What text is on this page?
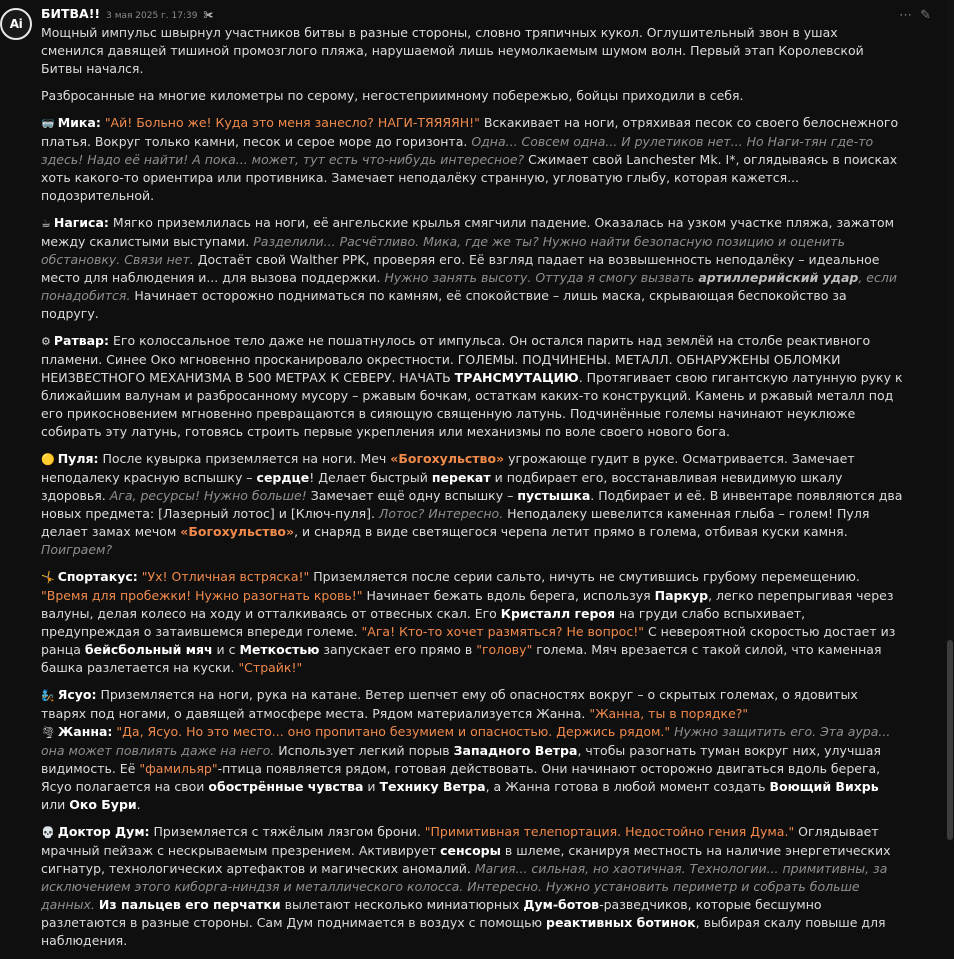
Ai
БИТВА!! 3 мая 2025 г. 17:39 ✀	⋯ ✎

Мощный импульс швырнул участников битвы в разные стороны, словно тряпичных кукол. Оглушительный звон в ушах сменился давящей тишиной промозглого пляжа, нарушаемой лишь неумолкаемым шумом волн. Первый этап Королевской Битвы начался.

Разбросанные на многие километры по серому, негостеприимному побережью, бойцы приходили в себя.

🥽 Мика: "Ай! Больно же! Куда это меня занесло? НАГИ-ТЯЯЯЯН!" Вскакивает на ноги, отряхивая песок со своего белоснежного платья. Вокруг только камни, песок и серое море до горизонта. Одна... Совсем одна... И рулетиков нет... Но Наги-тян где-то здесь! Надо её найти! А пока... может, тут есть что-нибудь интересное? Сжимает свой Lanchester Mk. I*, оглядываясь в поисках хоть какого-то ориентира или противника. Замечает неподалёку странную, угловатую глыбу, которая кажется... подозрительной.

☕ Нагиса: Мягко приземлилась на ноги, её ангельские крылья смягчили падение. Оказалась на узком участке пляжа, зажатом между скалистыми выступами. Разделили... Расчётливо. Мика, где же ты? Нужно найти безопасную позицию и оценить обстановку. Связи нет. Достаёт свой Walther PPK, проверяя его. Её взгляд падает на возвышенность неподалёку – идеальное место для наблюдения и... для вызова поддержки. Нужно занять высоту. Оттуда я смогу вызвать артиллерийский удар, если понадобится. Начинает осторожно подниматься по камням, её спокойствие – лишь маска, скрывающая беспокойство за подругу.

⚙ Ратвар: Его колоссальное тело даже не пошатнулось от импульса. Он остался парить над землёй на столбе реактивного пламени. Синее Око мгновенно просканировало окрестности. ГОЛЕМЫ. ПОДЧИНЕНЫ. МЕТАЛЛ. ОБНАРУЖЕНЫ ОБЛОМКИ НЕИЗВЕСТНОГО МЕХАНИЗМА В 500 МЕТРАХ К СЕВЕРУ. НАЧАТЬ ТРАНСМУТАЦИЮ. Протягивает свою гигантскую латунную руку к ближайшим валунам и разбросанному мусору – ржавым бочкам, остаткам каких-то конструкций. Камень и ржавый металл под его прикосновением мгновенно превращаются в сияющую священную латунь. Подчинённые големы начинают неуклюже собирать эту латунь, готовясь строить первые укрепления или механизмы по воле своего нового бога.

🟡 Пуля: После кувырка приземляется на ноги. Меч «Богохульство» угрожающе гудит в руке. Осматривается. Замечает неподалеку красную вспышку – сердце! Делает быстрый перекат и подбирает его, восстанавливая невидимую шкалу здоровья. Ага, ресурсы! Нужно больше! Замечает ещё одну вспышку – пустышка. Подбирает и её. В инвентаре появляются два новых предмета: [Лазерный лотос] и [Ключ-пуля]. Лотос? Интересно. Неподалеку шевелится каменная глыба – голем! Пуля делает замах мечом «Богохульство», и снаряд в виде светящегося черепа летит прямо в голема, отбивая куски камня. Поиграем?

🤸 Спортакус: "Ух! Отличная встряска!" Приземляется после серии сальто, ничуть не смутившись грубому перемещению. "Время для пробежки! Нужно разогнать кровь!" Начинает бежать вдоль берега, используя Паркур, легко перепрыгивая через валуны, делая колесо на ходу и отталкиваясь от отвесных скал. Его Кристалл героя на груди слабо вспыхивает, предупреждая о затаившемся впереди големе. "Ага! Кто-то хочет размяться? Не вопрос!" С невероятной скоростью достает из ранца бейсбольный мяч и с Меткостью запускает его прямо в "голову" голема. Мяч врезается с такой силой, что каменная башка разлетается на куски. "Страйк!"

🧞 Ясуо: Приземляется на ноги, рука на катане. Ветер шепчет ему об опасностях вокруг – о скрытых големах, о ядовитых тварях под ногами, о давящей атмосфере места. Рядом материализуется Жанна. "Жанна, ты в порядке?"

🌪 Жанна: "Да, Ясуо. Но это место... оно пропитано безумием и опасностью. Держись рядом." Нужно защитить его. Эта аура... она может повлиять даже на него. Использует легкий порыв Западного Ветра, чтобы разогнать туман вокруг них, улучшая видимость. Её "фамильяр"-птица появляется рядом, готовая действовать. Они начинают осторожно двигаться вдоль берега, Ясуо полагается на свои обострённые чувства и Технику Ветра, а Жанна готова в любой момент создать Воющий Вихрь или Око Бури.

💀 Доктор Дум: Приземляется с тяжёлым лязгом брони. "Примитивная телепортация. Недостойно гения Дума." Оглядывает мрачный пейзаж с нескрываемым презрением. Активирует сенсоры в шлеме, сканируя местность на наличие энергетических сигнатур, технологических артефактов и магических аномалий. Магия... сильная, но хаотичная. Технологии... примитивны, за исключением этого киборга-ниндзя и металлического колосса. Интересно. Нужно установить периметр и собрать больше данных. Из пальцев его перчатки вылетают несколько миниатюрных Дум-ботов-разведчиков, которые бесшумно разлетаются в разные стороны. Сам Дум поднимается в воздух с помощью реактивных ботинок, выбирая скалу повыше для наблюдения.
